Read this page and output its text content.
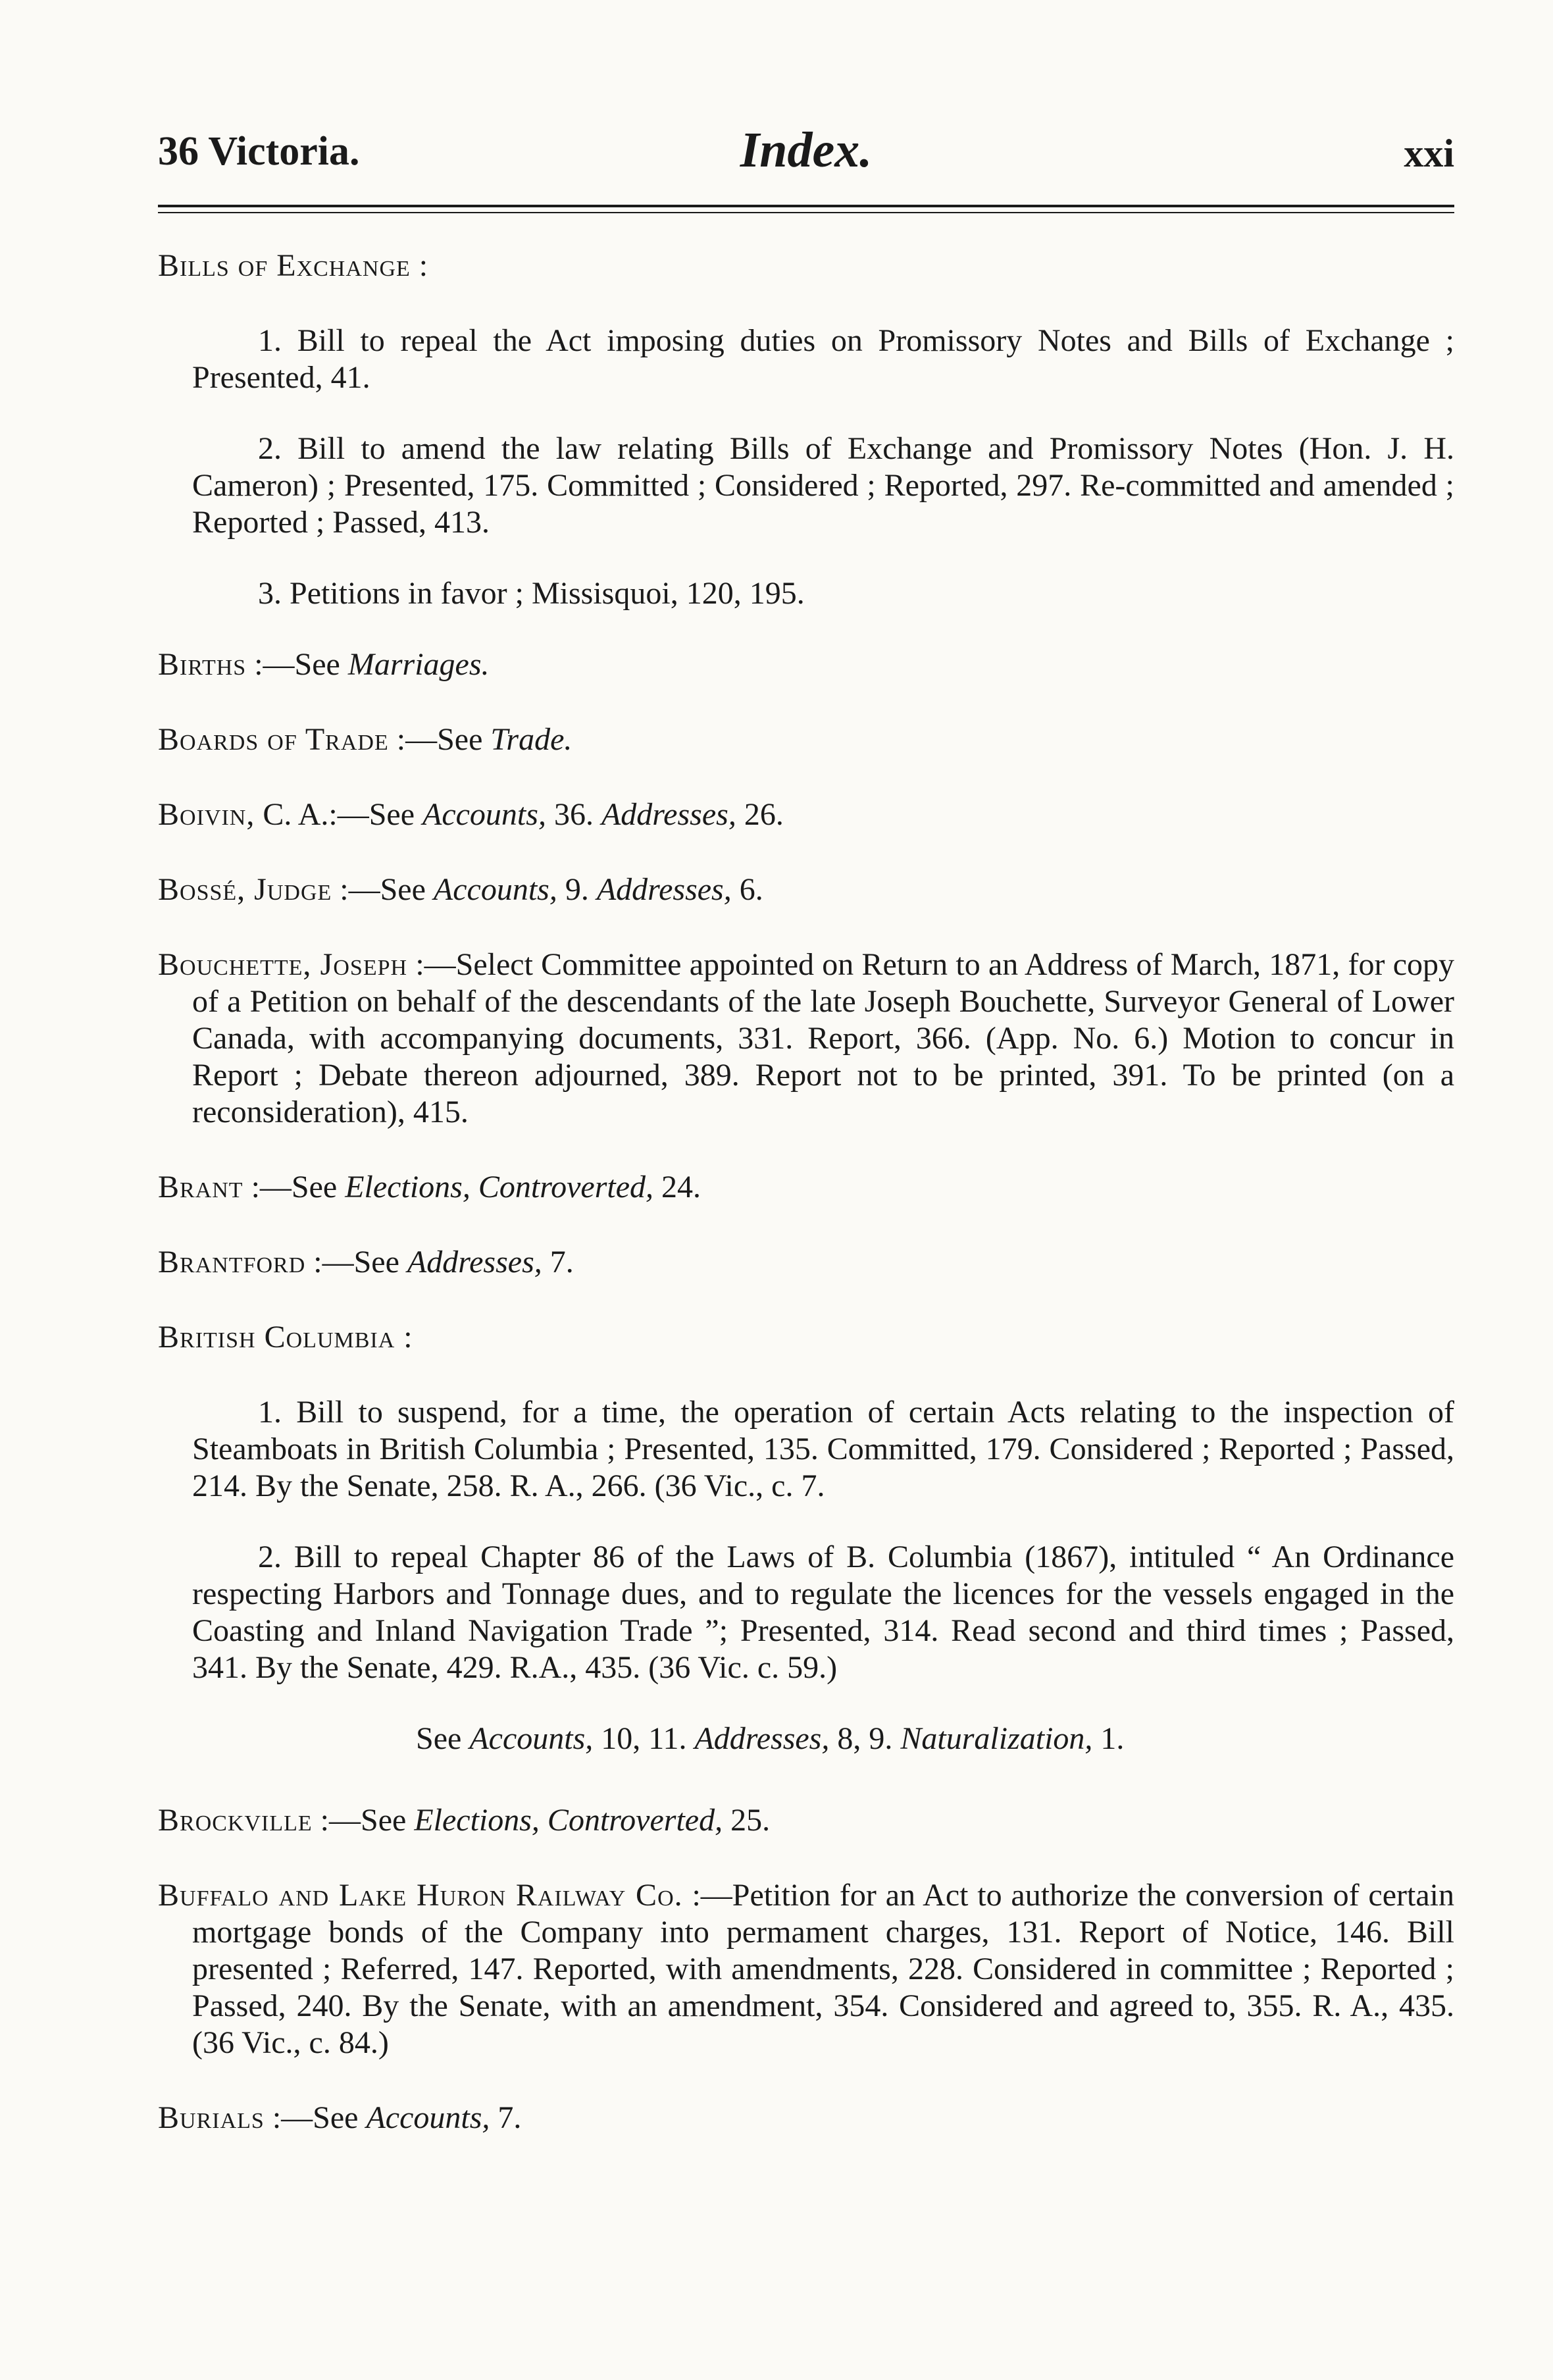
36 Victoria.	Index.	xxi

Bills of Exchange :

1. Bill to repeal the Act imposing duties on Promissory Notes and Bills of Exchange ; Presented, 41.

2. Bill to amend the law relating Bills of Exchange and Promissory Notes (Hon. J. H. Cameron) ; Presented, 175. Committed ; Considered ; Reported, 297. Re-committed and amended ; Reported ; Passed, 413.

3. Petitions in favor ; Missisquoi, 120, 195.

Births :—See Marriages.

Boards of Trade :—See Trade.

Boivin, C. A.:—See Accounts, 36. Addresses, 26.

Bossé, Judge :—See Accounts, 9. Addresses, 6.

Bouchette, Joseph :—Select Committee appointed on Return to an Address of March, 1871, for copy of a Petition on behalf of the descendants of the late Joseph Bouchette, Surveyor General of Lower Canada, with accompanying documents, 331. Report, 366. (App. No. 6.) Motion to concur in Report ; Debate thereon adjourned, 389. Report not to be printed, 391. To be printed (on a reconsideration), 415.

Brant :—See Elections, Controverted, 24.

Brantford :—See Addresses, 7.

British Columbia :

1. Bill to suspend, for a time, the operation of certain Acts relating to the inspection of Steamboats in British Columbia ; Presented, 135. Committed, 179. Considered ; Reported ; Passed, 214. By the Senate, 258. R. A., 266. (36 Vic., c. 7.

2. Bill to repeal Chapter 86 of the Laws of B. Columbia (1867), intituled “ An Ordinance respecting Harbors and Tonnage dues, and to regulate the licences for the vessels engaged in the Coasting and Inland Navigation Trade ”; Presented, 314. Read second and third times ; Passed, 341. By the Senate, 429. R.A., 435. (36 Vic. c. 59.)

See Accounts, 10, 11. Addresses, 8, 9. Naturalization, 1.

Brockville :—See Elections, Controverted, 25.

Buffalo and Lake Huron Railway Co. :—Petition for an Act to authorize the conversion of certain mortgage bonds of the Company into permament charges, 131. Report of Notice, 146. Bill presented ; Referred, 147. Reported, with amendments, 228. Considered in committee ; Reported ; Passed, 240. By the Senate, with an amendment, 354. Considered and agreed to, 355. R. A., 435. (36 Vic., c. 84.)

Burials :—See Accounts, 7.
